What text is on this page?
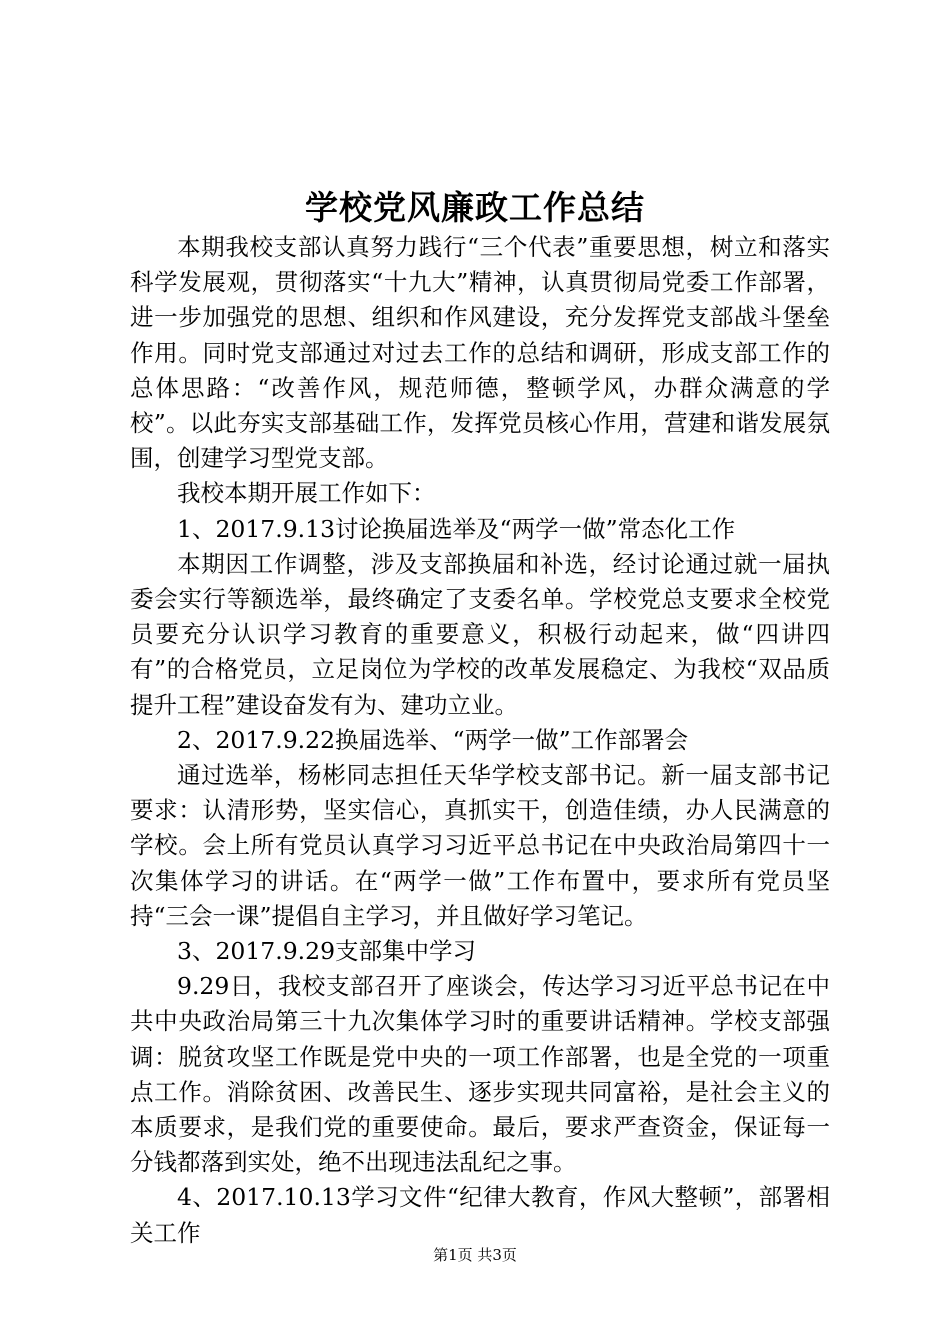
学校党风廉政工作总结

本期我校支部认真努力践行“三个代表”重要思想，树立和落实科学发展观，贯彻落实“十九大”精神，认真贯彻局党委工作部署，进一步加强党的思想、组织和作风建设，充分发挥党支部战斗堡垒作用。同时党支部通过对过去工作的总结和调研，形成支部工作的总体思路：“改善作风，规范师德，整顿学风，办群众满意的学校”。以此夯实支部基础工作，发挥党员核心作用，营建和谐发展氛围，创建学习型党支部。

我校本期开展工作如下：

1、2017.9.13讨论换届选举及“两学一做”常态化工作

本期因工作调整，涉及支部换届和补选，经讨论通过就一届执委会实行等额选举，最终确定了支委名单。学校党总支要求全校党员要充分认识学习教育的重要意义，积极行动起来，做“四讲四有”的合格党员，立足岗位为学校的改革发展稳定、为我校“双品质提升工程”建设奋发有为、建功立业。

2、2017.9.22换届选举、“两学一做”工作部署会

通过选举，杨彬同志担任天华学校支部书记。新一届支部书记要求：认清形势，坚实信心，真抓实干，创造佳绩，办人民满意的学校。会上所有党员认真学习习近平总书记在中央政治局第四十一次集体学习的讲话。在“两学一做”工作布置中，要求所有党员坚持“三会一课”提倡自主学习，并且做好学习笔记。

3、2017.9.29支部集中学习

9.29日，我校支部召开了座谈会，传达学习习近平总书记在中共中央政治局第三十九次集体学习时的重要讲话精神。学校支部强调：脱贫攻坚工作既是党中央的一项工作部署，也是全党的一项重点工作。消除贫困、改善民生、逐步实现共同富裕，是社会主义的本质要求，是我们党的重要使命。最后，要求严查资金，保证每一分钱都落到实处，绝不出现违法乱纪之事。

4、2017.10.13学习文件“纪律大教育，作风大整顿”，部署相关工作

第1页 共3页
